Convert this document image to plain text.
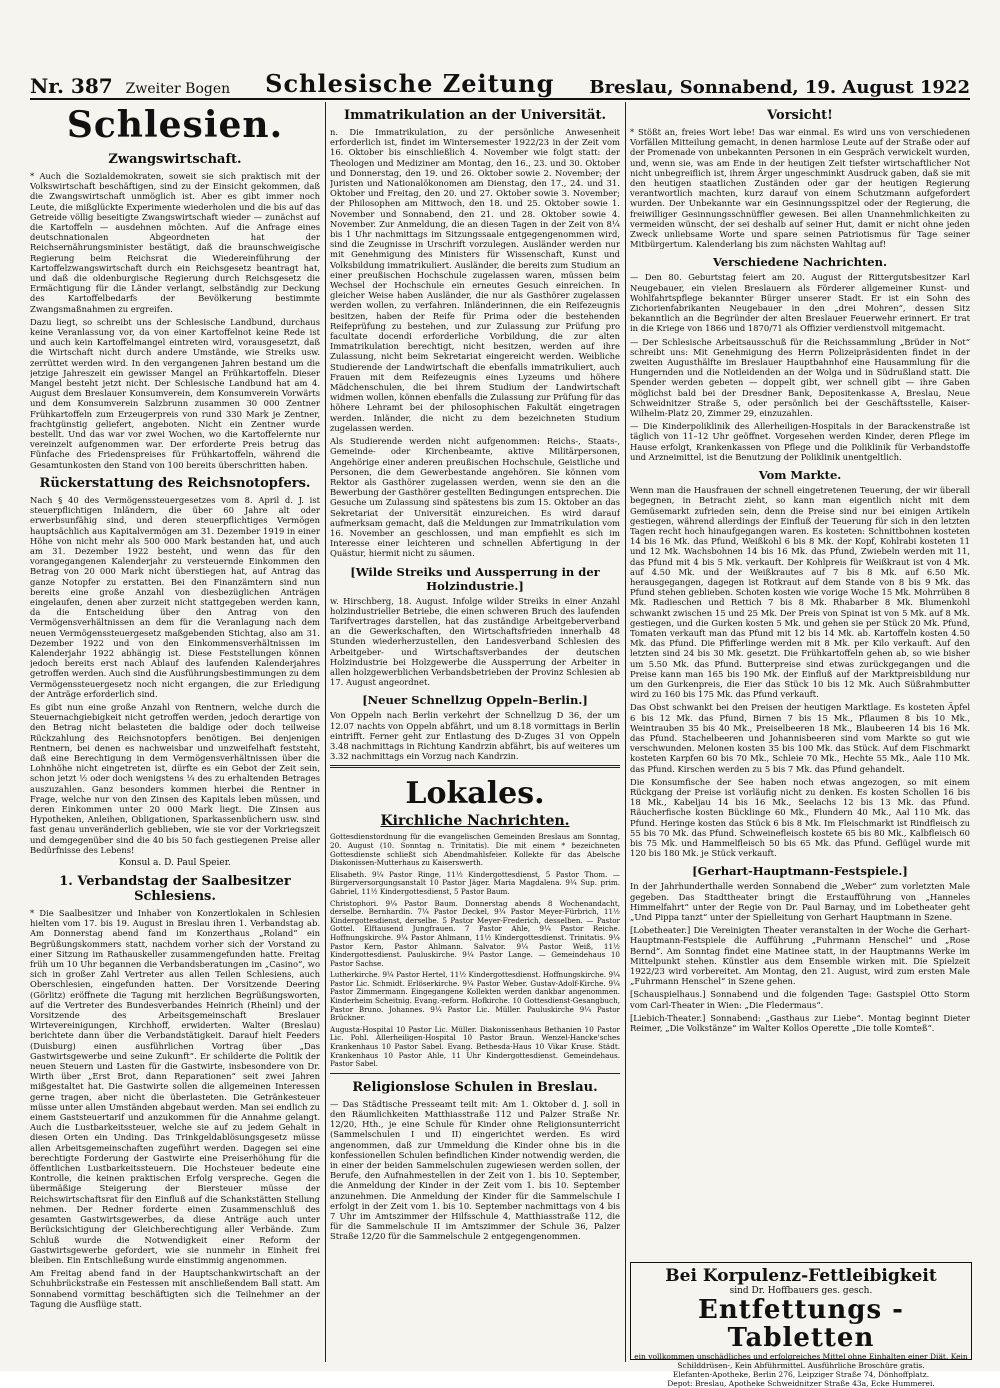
Nr. 387 Zweiter Bogen Schlesische Zeitung Breslau, Sonnabend, 19. August 1922
Schlesien.
Zwangswirtschaft.

* Auch die Sozialdemokraten, soweit sie sich praktisch mit der Volkswirtschaft beschäftigen, sind zu der Einsicht gekommen, daß die Zwangswirtschaft unmöglich ist. Aber es gibt immer noch Leute, die mißglückte Experimente wiederholen und die bis auf das Getreide völlig beseitigte Zwangswirtschaft wieder — zunächst auf die Kartoffeln — ausdehnen möchten. Auf die Anfrage eines deutschnationalen Abgeordneten hat der Reichsernährungsminister bestätigt, daß die braunschweigische Regierung beim Reichsrat die Wiedereinführung der Kartoffelzwangswirtschaft durch ein Reichsgesetz beantragt hat, und daß die oldenburgische Regierung durch Reichsgesetz die Ermächtigung für die Länder verlangt, selbständig zur Deckung des Kartoffelbedarfs der Bevölkerung bestimmte Zwangsmaßnahmen zu ergreifen.

Dazu liegt, so schreibt uns der Schlesische Landbund, durchaus keine Veranlassung vor, da von einer Kartoffelnot keine Rede ist und auch kein Kartoffelmangel eintreten wird, vorausgesetzt, daß die Wirtschaft nicht durch andere Umstände, wie Streiks usw. zerrüttet werden wird. In den vergangenen Jahren bestand um die jetzige Jahreszeit ein gewisser Mangel an Frühkartoffeln. Dieser Mangel besteht jetzt nicht. Der Schlesische Landbund hat am 4. August dem Breslauer Konsumverein, dem Konsumverein Vorwärts und dem Konsumverein Salzbrunn zusammen 30 000 Zentner Frühkartoffeln zum Erzeugerpreis von rund 330 Mark je Zentner, frachtgünstig geliefert, angeboten. Nicht ein Zentner wurde bestellt. Und das war vor zwei Wochen, wo die Kartoffelernte nur vereinzelt aufgenommen war. Der erforderte Preis betrug das Fünfache des Friedenspreises für Frühkartoffeln, während die Gesamtunkosten den Stand von 100 bereits überschritten haben.

Rückerstattung des Reichsnotopfers.

Nach § 40 des Vermögenssteuergesetzes vom 8. April d. J. ist steuerpflichtigen Inländern, die über 60 Jahre alt oder erwerbsunfähig sind, und deren steuerpflichtiges Vermögen hauptsächlich aus Kapitalvermögen am 31. Dezember 1919 in einer Höhe von nicht mehr als 500 000 Mark bestanden hat, und auch am 31. Dezember 1922 besteht, und wenn das für den vorangegangenen Kalenderjahr zu versteuernde Einkommen den Betrag von 20 000 Mark nicht überstiegen hat, auf Antrag das ganze Notopfer zu erstatten. Bei den Finanzämtern sind nun bereits eine große Anzahl von diesbezüglichen Anträgen eingelaufen, denen aber zurzeit nicht stattgegeben werden kann, da die Entscheidung über den Antrag von den Vermögensverhältnissen an dem für die Veranlagung nach dem neuen Vermögenssteuergesetz maßgebenden Stichtag, also am 31. Dezember 1922 und von den Einkommensverhältnissen im Kalenderjahr 1922 abhängig ist. Diese Feststellungen können jedoch bereits erst nach Ablauf des laufenden Kalenderjahres getroffen werden. Auch sind die Ausführungsbestimmungen zu dem Vermögenssteuergesetz noch nicht ergangen, die zur Erledigung der Anträge erforderlich sind.

Es gibt nun eine große Anzahl von Rentnern, welche durch die Steuernachgiebigkeit nicht getroffen werden, jedoch derartige von den Betrag nicht belasteten die baldige oder doch teilweise Rückzahlung des Reichsnotopfers benötigen. Bei denjenigen Rentnern, bei denen es nachweisbar und unzweifelhaft feststeht, daß eine Berechtigung in dem Vermögensverhältnissen über die Lohnhöhe nicht eingetreten ist, dürfte es ein Gebot der Zeit sein, schon jetzt ½ oder doch wenigstens ¼ des zu erhaltenden Betrages auszuzahlen. Ganz besonders kommen hierbei die Rentner in Frage, welche nur von den Zinsen des Kapitals leben müssen, und deren Einkommen unter 20 000 Mark liegt. Die Zinsen aus Hypotheken, Anleihen, Obligationen, Sparkassenbüchern usw. sind fast genau unveränderlich geblieben, wie sie vor der Vorkriegszeit und demgegenüber sind die 40 bis 50 fach gestiegenen Preise aller Bedürfnisse des Lebens!

Konsul a. D. Paul Speier.
1. Verbandstag der Saalbesitzer Schlesiens.

* Die Saalbesitzer und Inhaber von Konzertlokalen in Schlesien hielten vom 17. bis 19. August in Breslau ihren 1. Verbandstag ab. Am Donnerstag abend fand im Konzerthaus „Roland“ ein Begrüßungskommers statt, nachdem vorher sich der Vorstand zu einer Sitzung im Rathauskeller zusammengefunden hatte. Freitag früh um 10 Uhr begannen die Verbandsberatungen im „Casino“, wo sich in großer Zahl Vertreter aus allen Teilen Schlesiens, auch Oberschlesien, eingefunden hatten. Der Vorsitzende Deering (Görlitz) eröffnete die Tagung mit herzlichen Begrüßungsworten, auf die Vertreter des Bundesverbandes Heinrich (Rheinl) und der Vorsitzende des Arbeitsgemeinschaft Breslauer Wirtevereinigungen, Kirchhoff, erwiderten. Walter (Breslau) berichtete dann über die Verbandstätigkeit. Darauf hielt Feeders (Duisburg) einen ausführlichen Vortrag über „Das Gastwirtsgewerbe und seine Zukunft“. Er schilderte die Politik der neuen Steuern und Lasten für die Gastwirte, insbesondere von Dr. Wirth über „Erst Brot, dann Reparationen“ seit zwei Jahren mißgestaltet hat. Die Gastwirte sollen die allgemeinen Interessen gerne tragen, aber nicht die überlasteten. Die Getränkesteuer müsse unter allen Umständen abgebaut werden. Man sei endlich zu einem Gaststeuertarif und anzukommen für die Annahme gelangt. Auch die Lustbarkeitssteuer, welche sie auf zu jedem Gehalt in diesen Orten ein Unding. Das Trinkgeldablösungsgesetz müsse allen Arbeitsgemeinschaften zugeführt werden. Dagegen sei eine berechtigte Forderung der Gastwirte eine Preiserhöhung für die öffentlichen Lustbarkeitssteuern. Die Hochsteuer bedeute eine Kontrolle, die keinen praktischen Erfolg verspreche. Gegen die übermäßige Steigerung der Biersteuer müsse der Reichswirtschaftsrat für den Einfluß auf die Schankstätten Stellung nehmen. Der Redner forderte einen Zusammenschluß des gesamten Gastwirtsgewerbes, da diese Anträge auch unter Berücksichtigung der Gleichberechtigung aller Verbände. Zum Schluß wurde die Notwendigkeit einer Reform der Gastwirtsgewerbe gefordert, wie sie nunmehr in Einheit frei bleiben. Ein Entschließung wurde einstimmig angenommen.

Am Freitag abend fand in der Hauptschankwirtschaft an der Schuhbrückstraße ein Festessen mit anschließendem Ball statt. Am Sonnabend vormittag beschäftigten sich die Teilnehmer an der Tagung die Ausflüge statt.

Immatrikulation an der Universität.

n. Die Immatrikulation, zu der persönliche Anwesenheit erforderlich ist, findet im Wintersemester 1922/23 in der Zeit vom 16. Oktober bis einschließlich 4. November wie folgt statt: der Theologen und Mediziner am Montag, den 16., 23. und 30. Oktober und Donnerstag, den 19. und 26. Oktober sowie 2. November; der Juristen und Nationalökonomen am Dienstag, den 17., 24. und 31. Oktober und Freitag, den 20. und 27. Oktober sowie 3. November; der Philosophen am Mittwoch, den 18. und 25. Oktober sowie 1. November und Sonnabend, den 21. und 28. Oktober sowie 4. November. Zur Anmeldung, die an diesen Tagen in der Zeit von 8¼ bis 1 Uhr nachmittags im Sitzungssaale entgegengenommen wird, sind die Zeugnisse in Urschrift vorzulegen. Ausländer werden nur mit Genehmigung des Ministers für Wissenschaft, Kunst und Volksbildung immatrikuliert. Ausländer, die bereits zum Studium an einer preußischen Hochschule zugelassen waren, müssen beim Wechsel der Hochschule ein erneutes Gesuch einreichen. In gleicher Weise haben Ausländer, die nur als Gasthörer zugelassen werden wollen, zu verfahren. Inländerinnen, die ein Reifezeugnis besitzen, haben der Reife für Prima oder die bestehenden Reifeprüfung zu bestehen, und zur Zulassung zur Prüfung pro facultate docendi erforderliche Vorbildung, die zur alten Immatrikulation berechtigt, nicht besitzen, werden auf ihre Zulassung, nicht beim Sekretariat eingereicht werden. Weibliche Studierende der Landwirtschaft die ebenfalls immatrikuliert, auch Frauen mit dem Reifezeugnis eines Lyzeums und höhere Mädchenschulen, die bei ihrem Studium der Landwirtschaft widmen wollen, können ebenfalls die Zulassung zur Prüfung für das höhere Lehramt bei der philosophischen Fakultät eingetragen werden. Inländer, die nicht zu dem bezeichneten Studium zugelassen werden.

Als Studierende werden nicht aufgenommen: Reichs-, Staats-, Gemeinde- oder Kirchenbeamte, aktive Militärpersonen, Angehörige einer anderen preußischen Hochschule, Geistliche und Personen, die dem Gewerbestande angehören. Sie können vom Rektor als Gasthörer zugelassen werden, wenn sie den an die Bewerbung der Gasthörer gestellten Bedingungen entsprechen. Die Gesuche um Zulassung sind spätestens bis zum 15. Oktober an das Sekretariat der Universität einzureichen. Es wird darauf aufmerksam gemacht, daß die Meldungen zur Immatrikulation vom 16. November an geschlossen, und man empfiehlt es sich im Interesse einer leichteren und schnellen Abfertigung in der Quästur, hiermit nicht zu säumen.

[Wilde Streiks und Aussperrung in der Holzindustrie.]

w. Hirschberg, 18. August. Infolge wilder Streiks in einer Anzahl holzindustrieller Betriebe, die einen schweren Bruch des laufenden Tarifvertrages darstellen, hat das zuständige Arbeitgeberverband an die Gewerkschaften, den Wirtschaftsfrieden innerhalb 48 Stunden wiederherzustellen, den Landesverband Schlesien des Arbeitgeber- und Wirtschaftsverbandes der deutschen Holzindustrie bei Holzgewerbe die Aussperrung der Arbeiter in allen holzgewerblichen Verbandsbetrieben der Provinz Schlesien ab 17. August angeordnet.

[Neuer Schnellzug Oppeln–Berlin.]

Von Oppeln nach Berlin verkehrt der Schnellzug D 36, der um 12.07 nachts von Oppeln abfährt, und um 8.18 vormittags in Berlin eintrifft. Ferner geht zur Entlastung des D-Zuges 31 von Oppeln 3.48 nachmittags in Richtung Kandrzin abfährt, bis auf weiteres um 3.32 nachmittags ein Vorzug nach Kandrzin.

Lokales.
Kirchliche Nachrichten.

Gottesdienstordnung für die evangelischen Gemeinden Breslaus am Sonntag, 20. August (10. Sonntag n. Trinitatis). Die mit einem * bezeichneten Gottesdienste schließt sich Abendmahlsfeier. Kollekte für das Abelsche Diakonissen-Mutterhaus zu Kaiserswerth.

Elisabeth. 9¼ Pastor Ringe, 11½ Kindergottesdienst, 5 Pastor Thom. — Bürgerversorgungsanstalt 10 Pastor Jäger. Maria Magdalena. 9¼ Sup. prim. Gabriel, 11½ Kindergottesdienst, 5 Pastor Baum.

Christophori. 9¼ Pastor Baum. Donnerstag abends 8 Wochenandacht, derselbe. Bernhardin. 7¼ Pastor Deckel, 9¼ Pastor Meyer-Fürbrich, 11½ Kindergottesdienst, derselbe. 5 Pastor Meyer-Frederich, desselben. — Pastor Gottel. Elftausend Jungfrauen. 7 Pastor Ahle, 9¼ Pastor Reiche. Hoffnungskirche. 9¼ Pastor Ahlmann, 11½ Kindergottesdienst. Trinitatis. 9¼ Pastor Kern, Pastor Ahlmann. Salvator. 9¼ Pastor Weiß, 11½ Kindergottesdienst. Pauluskirche. 9¼ Pastor Lange. — Gemeindehaus 10 Pastor Sachse.

Lutherkirche. 9¼ Pastor Hertel, 11½ Kindergottesdienst. Hoffnungskirche. 9¼ Pastor Lic. Schmidt. Erlöserkirche. 9¼ Pastor Weber. Gustav-Adolf-Kirche. 9¼ Pastor Zimmermann. Eingegangene Kollekten werden dankbar angenommen. Kinderheim Scheitnig. Evang.-reform. Hofkirche. 10 Gottesdienst-Gesangbuch, Pastor Bruno. Johannes. 9¼ Pastor Lic. Müller. Pauluskirche 9¼ Pastor Brückner.

Augusta-Hospital 10 Pastor Lic. Müller. Diakonissenhaus Bethanien 10 Pastor Lic. Pohl. Allerheiligen-Hospital 10 Pastor Braun. Wenzel-Hancke'sches Krankenhaus 10 Pastor Sabel. Evang. Bethesda-Haus 10 Vikar Kruse. Städt. Krankenhaus 10 Pastor Ahle, 11 Uhr Kindergottesdienst. Gemeindehaus. Pastor Sabel.

Religionslose Schulen in Breslau.

— Das Städtische Presseamt teilt mit: Am 1. Oktober d. J. soll in den Räumlichkeiten Matthiasstraße 112 und Palzer Straße Nr. 12/20, Hth., je eine Schule für Kinder ohne Religionsunterricht (Sammelschulen I und II) eingerichtet werden. Es wird angenommen, daß zur Ummeldung die Kinder ohne bis in die konfessionellen Schulen befindlichen Kinder notwendig werden, die in einer der beiden Sammelschulen zugewiesen werden sollen, der Berufe, den Aufnahmestellen in der Zeit von 1. bis 10. September, die Anmeldung der Kinder in der Zeit vom 1. bis 10. September anzunehmen. Die Anmeldung der Kinder für die Sammelschule I erfolgt in der Zeit vom 1. bis 10. September nachmittags von 4 bis 7 Uhr im Amtszimmer der Hilfsschule 4, Matthiasstraße 112, die für die Sammelschule II im Amtszimmer der Schule 36, Palzer Straße 12/20 für die Sammelschule 2 entgegengenommen.

Vorsicht!

* Stößt an, freies Wort lebe! Das war einmal. Es wird uns von verschiedenen Vorfällen Mitteilung gemacht, in denen harmlose Leute auf der Straße oder auf der Promenade von unbekannten Personen in ein Gespräch verwickelt wurden, und, wenn sie, was am Ende in der heutigen Zeit tiefster wirtschaftlicher Not nicht unbegreiflich ist, ihrem Ärger ungeschminkt Ausdruck gaben, daß sie mit den heutigen staatlichen Zuständen oder gar der heutigen Regierung verantwortlich machten, kurz darauf von einem Schutzmann aufgefordert wurden. Der Unbekannte war ein Gesinnungsspitzel oder der Regierung, die freiwilliger Gesinnungsschnüffler gewesen. Bei allen Unannehmlichkeiten zu vermeiden wünscht, der sei deshalb auf seiner Hut, damit er nicht ohne jeden Zweck unliebsame Worte und spare seinen Patriotismus für Tage seiner Mitbürgertum. Kalenderlang bis zum nächsten Wahltag auf!

Verschiedene Nachrichten.

— Den 80. Geburtstag feiert am 20. August der Rittergutsbesitzer Karl Neugebauer, ein vielen Breslauern als Förderer allgemeiner Kunst- und Wohlfahrtspflege bekannter Bürger unserer Stadt. Er ist ein Sohn des Zichorienfabrikanten Neugebauer in den „drei Mohren“, dessen Sitz bekanntlich an die Begründer der alten Breslauer Feuerwehr erinnert. Er trat in die Kriege von 1866 und 1870/71 als Offizier verdienstvoll mitgemacht.

— Der Schlesische Arbeitsausschuß für die Reichssammlung „Brüder in Not“ schreibt uns: Mit Genehmigung des Herrn Polizeipräsidenten findet in der zweiten Augusthälfte im Breslauer Hauptbahnhof eine Hausammlung für die Hungernden und die Notleidenden an der Wolga und in Südrußland statt. Die Spender werden gebeten — doppelt gibt, wer schnell gibt — ihre Gaben möglichst bald bei der Dresdner Bank, Depositenkasse A, Breslau, Neue Schweidnitzer Straße 5, oder persönlich bei der Geschäftsstelle, Kaiser-Wilhelm-Platz 20, Zimmer 29, einzuzahlen.

— Die Kinderpoliklinik des Allerheiligen-Hospitals in der Barackenstraße ist täglich von 11–12 Uhr geöffnet. Vorgesehen werden Kinder, deren Pflege im Hause erfolgt, Krankenkassen von Pflege und die Poliklinik für Verbandstoffe und Arzneimittel, ist die Benutzung der Poliklinik unentgeltlich.

Vom Markte.

Wenn man die Hausfrauen der schnell eingetretenen Teuerung, der wir überall begegnen, in Betracht zieht, so kann man eigentlich nicht mit dem Gemüsemarkt zufrieden sein, denn die Preise sind nur bei einigen Artikeln gestiegen, während allerdings der Einfluß der Teuerung für sich in den letzten Tagen recht hoch hinaufgegangen waren. Es kosteten: Schnittbohnen kosteten 14 bis 16 Mk. das Pfund, Weißkohl 6 bis 8 Mk. der Kopf, Kohlrabi kosteten 11 und 12 Mk. Wachsbohnen 14 bis 16 Mk. das Pfund, Zwiebeln werden mit 11, das Pfund mit 4 bis 5 Mk. verkauft. Der Kohlpreis für Weißkraut ist von 4 Mk. auf 4.50 Mk. und der Weißkrautes auf 7 bis 8 Mk. auf 6.50 Mk. herausgegangen, dagegen ist Rotkraut auf dem Stande von 8 bis 9 Mk. das Pfund stehen geblieben. Schoten kosten wie vorige Woche 15 Mk. Mohrrüben 8 Mk. Radieschen und Rettich 7 bis 8 Mk. Rhabarber 8 Mk. Blumenkohl schwankt zwischen 15 und 25 Mk. Der Preis von Spinat ist von 5 Mk. auf 8 Mk. gestiegen, und die Gurken kosten 5 Mk. und gehen sie per Stück 20 Mk. Pfund, Tomaten verkauft man das Pfund mit 12 bis 14 Mk. ab. Kartoffeln kosten 4.50 Mk. das Pfund. Die Pfifferlinge werden mit 8 Mk. per Kilo verkauft. Auf den letzten sind 24 bis 30 Mk. gesetzt. Die Frühkartoffeln gehen ab, so wie bisher um 5.50 Mk. das Pfund. Butterpreise sind etwas zurückgegangen und die Preise kann man 165 bis 190 Mk. der Einfluß auf der Marktpreisbildung nur um den Gurkenpreis, die Eier das Stück 10 bis 12 Mk. Auch Süßrahmbutter wird zu 160 bis 175 Mk. das Pfund verkauft.

Das Obst schwankt bei den Preisen der heutigen Marktlage. Es kosteten Äpfel 6 bis 12 Mk. das Pfund, Birnen 7 bis 15 Mk., Pflaumen 8 bis 10 Mk., Weintrauben 35 bis 40 Mk., Preiselbeeren 18 Mk., Blaubeeren 14 bis 16 Mk. das Pfund. Stachelbeeren und Johannisbeeren sind vom Markte so gut wie verschwunden. Melonen kosten 35 bis 100 Mk. das Stück. Auf dem Fischmarkt kosteten Karpfen 60 bis 70 Mk., Schleie 70 Mk., Hechte 55 Mk., Aale 110 Mk. das Pfund. Kirschen werden zu 5 bis 7 Mk. das Pfund gehandelt.

Die Konsumfische der See haben noch etwas angezogen, so mit einem Rückgang der Preise ist vorläufig nicht zu denken. Es kosten Schollen 16 bis 18 Mk., Kabeljau 14 bis 16 Mk., Seelachs 12 bis 13 Mk. das Pfund. Räucherfische kosten Bücklinge 60 Mk., Flundern 40 Mk., Aal 110 Mk. das Pfund. Heringe kosten das Stück 6 bis 8 Mk. Im Fleischmarkt ist Rindfleisch zu 55 bis 70 Mk. das Pfund. Schweinefleisch kostete 65 bis 80 Mk., Kalbfleisch 60 bis 75 Mk. und Hammelfleisch 50 bis 65 Mk. das Pfund. Geflügel wurde mit 120 bis 180 Mk. je Stück verkauft.

[Gerhart-Hauptmann-Festspiele.]

In der Jahrhunderthalle werden Sonnabend die „Weber“ zum vorletzten Male gegeben. Das Stadttheater bringt die Erstaufführung von „Hanneles Himmelfahrt“ unter der Regie von Dr. Paul Barnay, und im Lobetheater geht „Und Pippa tanzt“ unter der Spielleitung von Gerhart Hauptmann in Szene.

[Lobetheater.] Die Vereinigten Theater veranstalten in der Woche die Gerhart-Hauptmann-Festspiele die Aufführung „Fuhrmann Henschel“ und „Rose Bernd“. Am Sonntag findet eine Matinee statt, in der Hauptmanns Werke im Mittelpunkt stehen. Künstler aus dem Ensemble wirken mit. Die Spielzeit 1922/23 wird vorbereitet. Am Montag, den 21. August, wird zum ersten Male „Fuhrmann Henschel“ in Szene gehen.

[Schauspielhaus.] Sonnabend und die folgenden Tage: Gastspiel Otto Storm vom Carl-Theater in Wien: „Die Fledermaus“.

[Liebich-Theater.] Sonnabend: „Gasthaus zur Liebe“. Montag beginnt Dieter Reimer, „Die Volkstänze“ im Walter Kollos Operette „Die tolle Komteß“.

Bei Korpulenz-Fettleibigkeit
sind Dr. Hoffbauers ges. gesch.
Entfettungs - Tabletten
ein vollkommen unschädliches und erfolgreiches Mittel ohne Einhalten einer Diät. Kein Schilddrüsen-, Kein Abführmittel. Ausführliche Broschüre gratis.
Elefanten-Apotheke, Berlin 276, Leipziger Straße 74, Dönhoffplatz.
Depot: Breslau, Apotheke Schweidnitzer Straße 43a, Ecke Hummerei.
